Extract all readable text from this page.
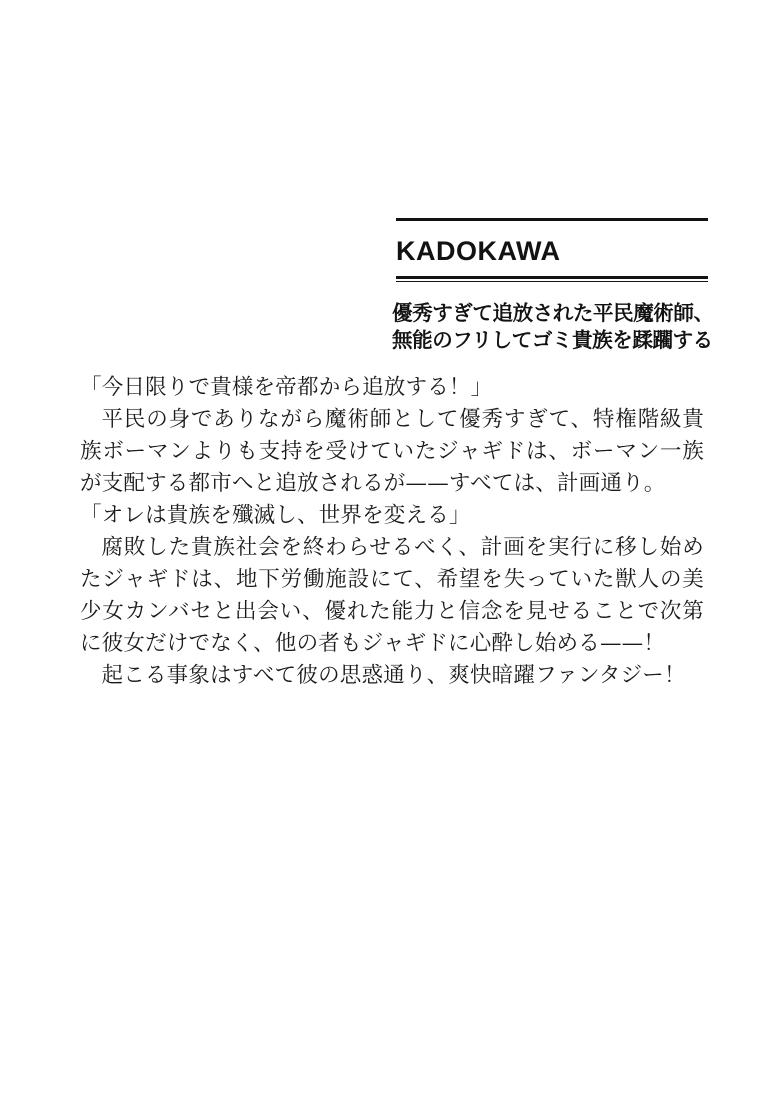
KADOKAWA
優秀すぎて追放された平民魔術師、
無能のフリしてゴミ貴族を蹂躙する

「今日限りで貴様を帝都から追放する！」

平民の身でありながら魔術師として優秀すぎて、特権階級貴族ボーマンよりも支持を受けていたジャギドは、ボーマン一族が支配する都市へと追放されるが——すべては、計画通り。

「オレは貴族を殲滅し、世界を変える」

腐敗した貴族社会を終わらせるべく、計画を実行に移し始めたジャギドは、地下労働施設にて、希望を失っていた獣人の美少女カンバセと出会い、優れた能力と信念を見せることで次第に彼女だけでなく、他の者もジャギドに心酔し始める——！

起こる事象はすべて彼の思惑通り、爽快暗躍ファンタジー！
